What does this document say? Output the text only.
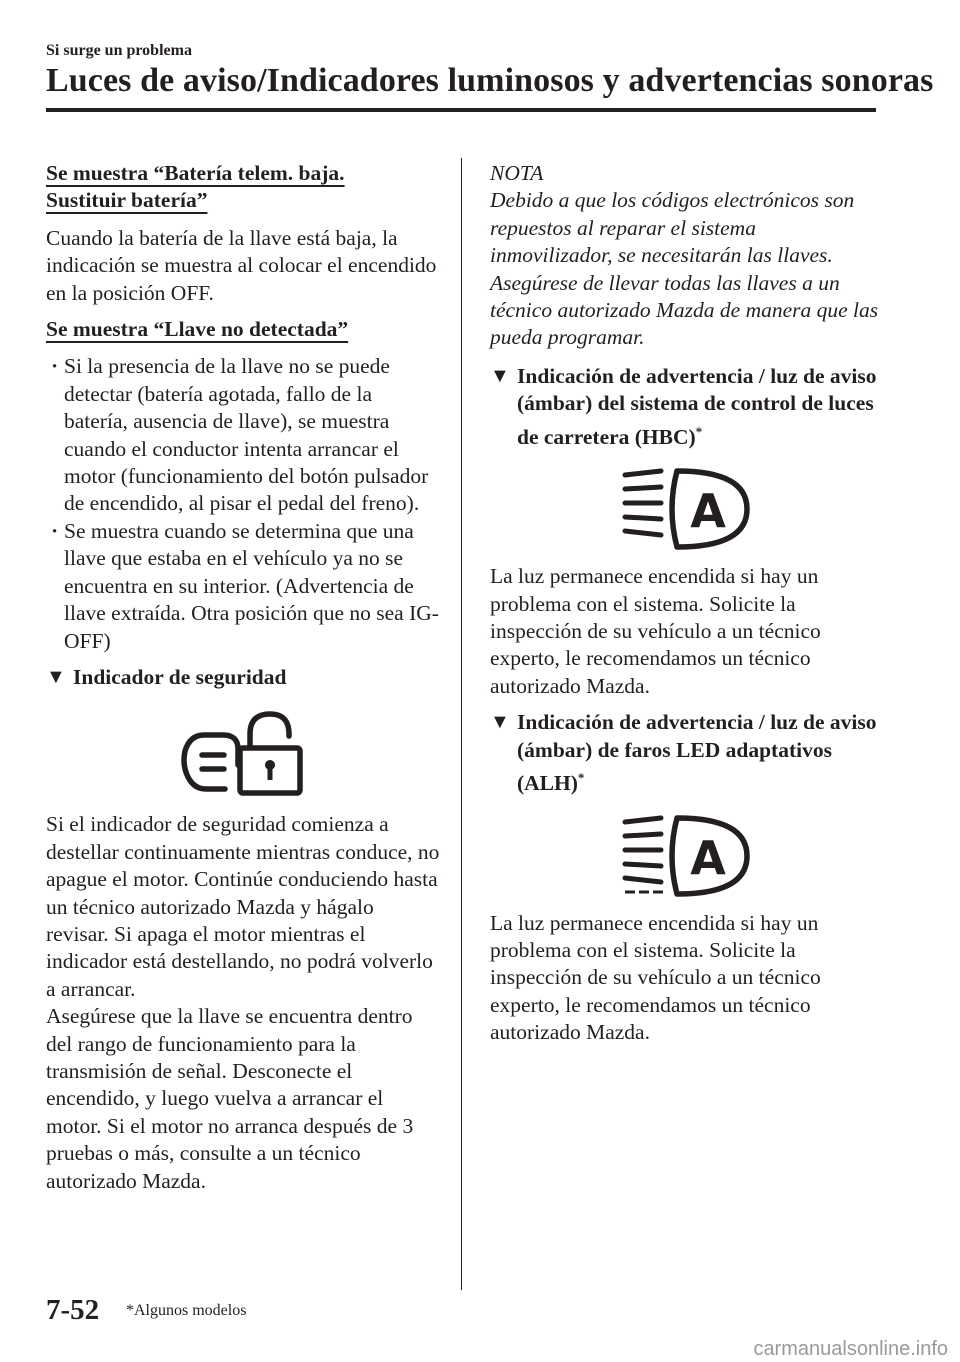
Si surge un problema
Luces de aviso/Indicadores luminosos y advertencias sonoras
Se muestra “Batería telem. baja.
Sustituir batería”

Cuando la batería de la llave está baja, la indicación se muestra al colocar el encendido en la posición OFF.

Se muestra “Llave no detectada”
· Si la presencia de la llave no se puede detectar (batería agotada, fallo de la batería, ausencia de llave), se muestra cuando el conductor intenta arrancar el motor (funcionamiento del botón pulsador de encendido, al pisar el pedal del freno).
· Se muestra cuando se determina que una llave que estaba en el vehículo ya no se encuentra en su interior. (Advertencia de llave extraída. Otra posición que no sea IG-OFF)
▼ Indicador de seguridad

Si el indicador de seguridad comienza a destellar continuamente mientras conduce, no apague el motor. Continúe conduciendo hasta un técnico autorizado Mazda y hágalo revisar. Si apaga el motor mientras el indicador está destellando, no podrá volverlo a arrancar.

Asegúrese que la llave se encuentra dentro del rango de funcionamiento para la transmisión de señal. Desconecte el encendido, y luego vuelva a arrancar el motor. Si el motor no arranca después de 3 pruebas o más, consulte a un técnico autorizado Mazda.

NOTA

Debido a que los códigos electrónicos son repuestos al reparar el sistema inmovilizador, se necesitarán las llaves. Asegúrese de llevar todas las llaves a un técnico autorizado Mazda de manera que las pueda programar.

▼ Indicación de advertencia / luz de aviso (ámbar) del sistema de control de luces de carretera (HBC)*
A

La luz permanece encendida si hay un problema con el sistema. Solicite la inspección de su vehículo a un técnico experto, le recomendamos un técnico autorizado Mazda.

▼ Indicación de advertencia / luz de aviso (ámbar) de faros LED adaptativos (ALH)*
A

La luz permanece encendida si hay un problema con el sistema. Solicite la inspección de su vehículo a un técnico experto, le recomendamos un técnico autorizado Mazda.

7-52 *Algunos modelos
carmanualsonline.info
